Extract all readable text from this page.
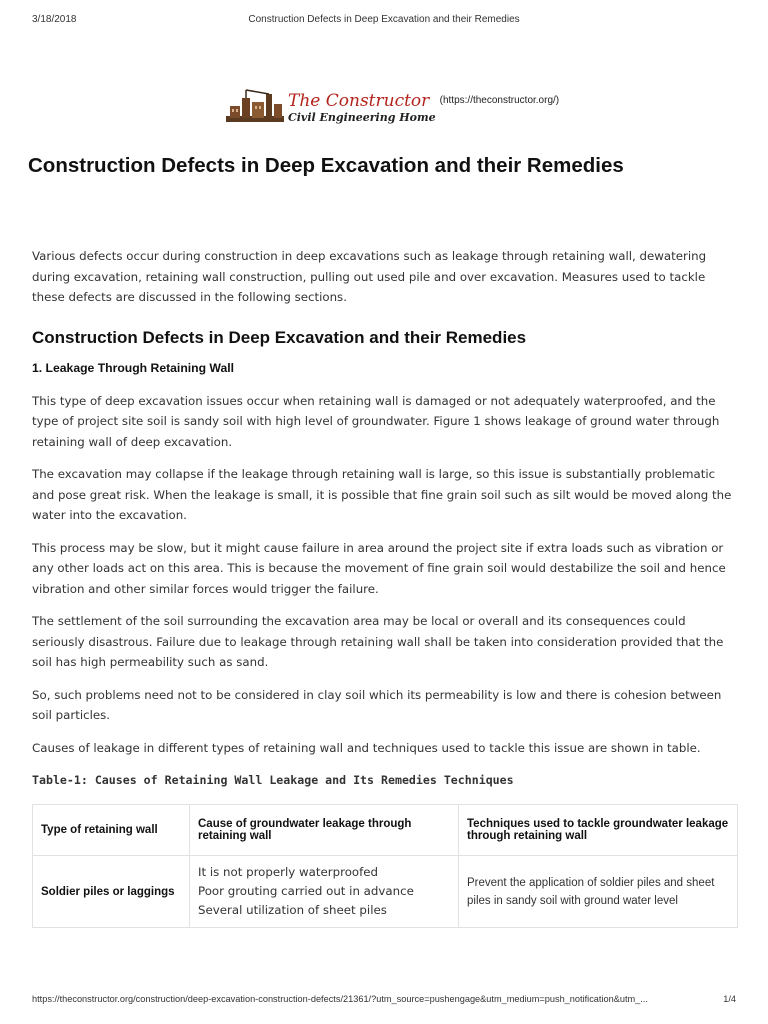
3/18/2018	Construction Defects in Deep Excavation and their Remedies
The Constructor
Civil Engineering Home
(https://theconstructor.org/)
Construction Defects in Deep Excavation and their Remedies

Various defects occur during construction in deep excavations such as leakage through retaining wall, dewatering during excavation, retaining wall construction, pulling out used pile and over excavation. Measures used to tackle these defects are discussed in the following sections.

Construction Defects in Deep Excavation and their Remedies
1. Leakage Through Retaining Wall

This type of deep excavation issues occur when retaining wall is damaged or not adequately waterproofed, and the type of project site soil is sandy soil with high level of groundwater. Figure 1 shows leakage of ground water through retaining wall of deep excavation.

The excavation may collapse if the leakage through retaining wall is large, so this issue is substantially problematic and pose great risk. When the leakage is small, it is possible that fine grain soil such as silt would be moved along the water into the excavation.

This process may be slow, but it might cause failure in area around the project site if extra loads such as vibration or any other loads act on this area. This is because the movement of fine grain soil would destabilize the soil and hence vibration and other similar forces would trigger the failure.

The settlement of the soil surrounding the excavation area may be local or overall and its consequences could seriously disastrous. Failure due to leakage through retaining wall shall be taken into consideration provided that the soil has high permeability such as sand.

So, such problems need not to be considered in clay soil which its permeability is low and there is cohesion between soil particles.

Causes of leakage in different types of retaining wall and techniques used to tackle this issue are shown in table.

Table-1: Causes of Retaining Wall Leakage and Its Remedies Techniques
Type of retaining wall	Cause of groundwater leakage through retaining wall	Techniques used to tackle groundwater leakage through retaining wall
Soldier piles or laggings	It is not properly waterproofed
Poor grouting carried out in advance
Several utilization of sheet piles	Prevent the application of soldier piles and sheet piles in sandy soil with ground water level
https://theconstructor.org/construction/deep-excavation-construction-defects/21361/?utm_source=pushengage&utm_medium=push_notification&utm_...	1/4
